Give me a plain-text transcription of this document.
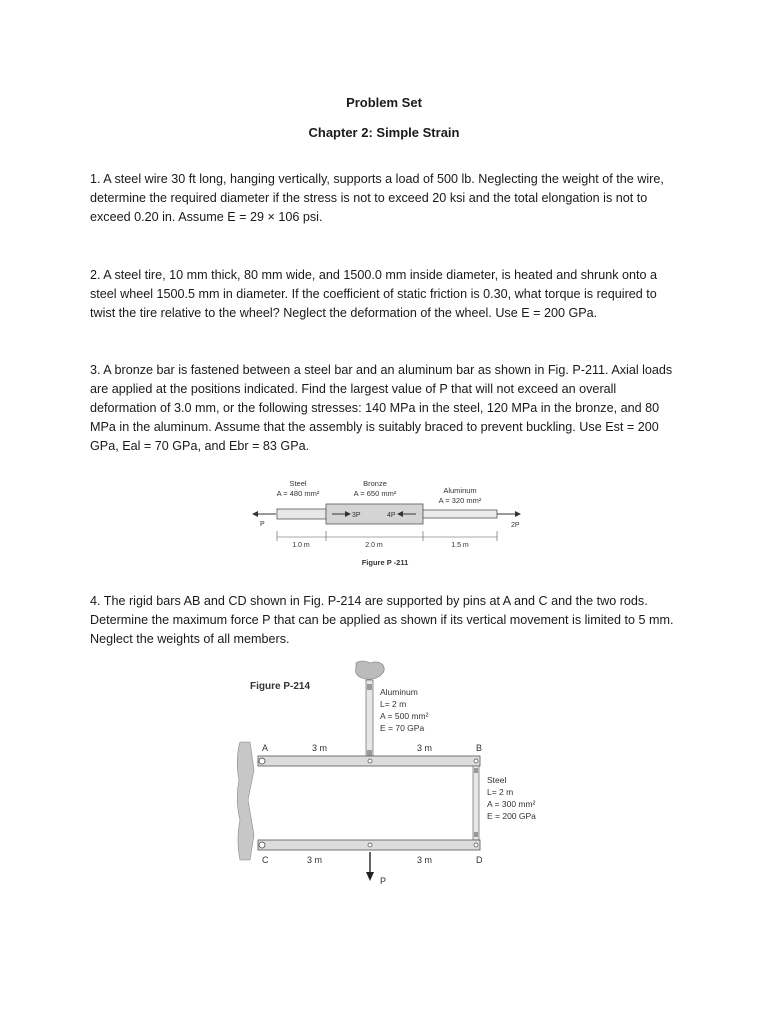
Problem Set
Chapter 2: Simple Strain

1. A steel wire 30 ft long, hanging vertically, supports a load of 500 lb. Neglecting the weight of the wire, determine the required diameter if the stress is not to exceed 20 ksi and the total elongation is not to exceed 0.20 in. Assume E = 29 × 106 psi.

2. A steel tire, 10 mm thick, 80 mm wide, and 1500.0 mm inside diameter, is heated and shrunk onto a steel wheel 1500.5 mm in diameter. If the coefficient of static friction is 0.30, what torque is required to twist the tire relative to the wheel? Neglect the deformation of the wheel. Use E = 200 GPa.

3. A bronze bar is fastened between a steel bar and an aluminum bar as shown in Fig. P-211. Axial loads are applied at the positions indicated. Find the largest value of P that will not exceed an overall deformation of 3.0 mm, or the following stresses: 140 MPa in the steel, 120 MPa in the bronze, and 80 MPa in the aluminum. Assume that the assembly is suitably braced to prevent buckling. Use Est = 200 GPa, Eal = 70 GPa, and Ebr = 83 GPa.

Steel
A = 480 mm²
Bronze
A = 650 mm²	Aluminum
A = 320 mm²
P
3P	4P
2P
1.0 m	2.0 m	1.5 m
Figure P -211

4. The rigid bars AB and CD shown in Fig. P-214 are supported by pins at A and C and the two rods. Determine the maximum force P that can be applied as shown if its vertical movement is limited to 5 mm. Neglect the weights of all members.

Figure P-214	Aluminum
L= 2 m
A = 500 mm²
E = 70 GPa
A	B
3 m	3 m
Steel
L= 2 m
A = 300 mm²
E = 200 GPa
C	D
3 m	3 m
P
